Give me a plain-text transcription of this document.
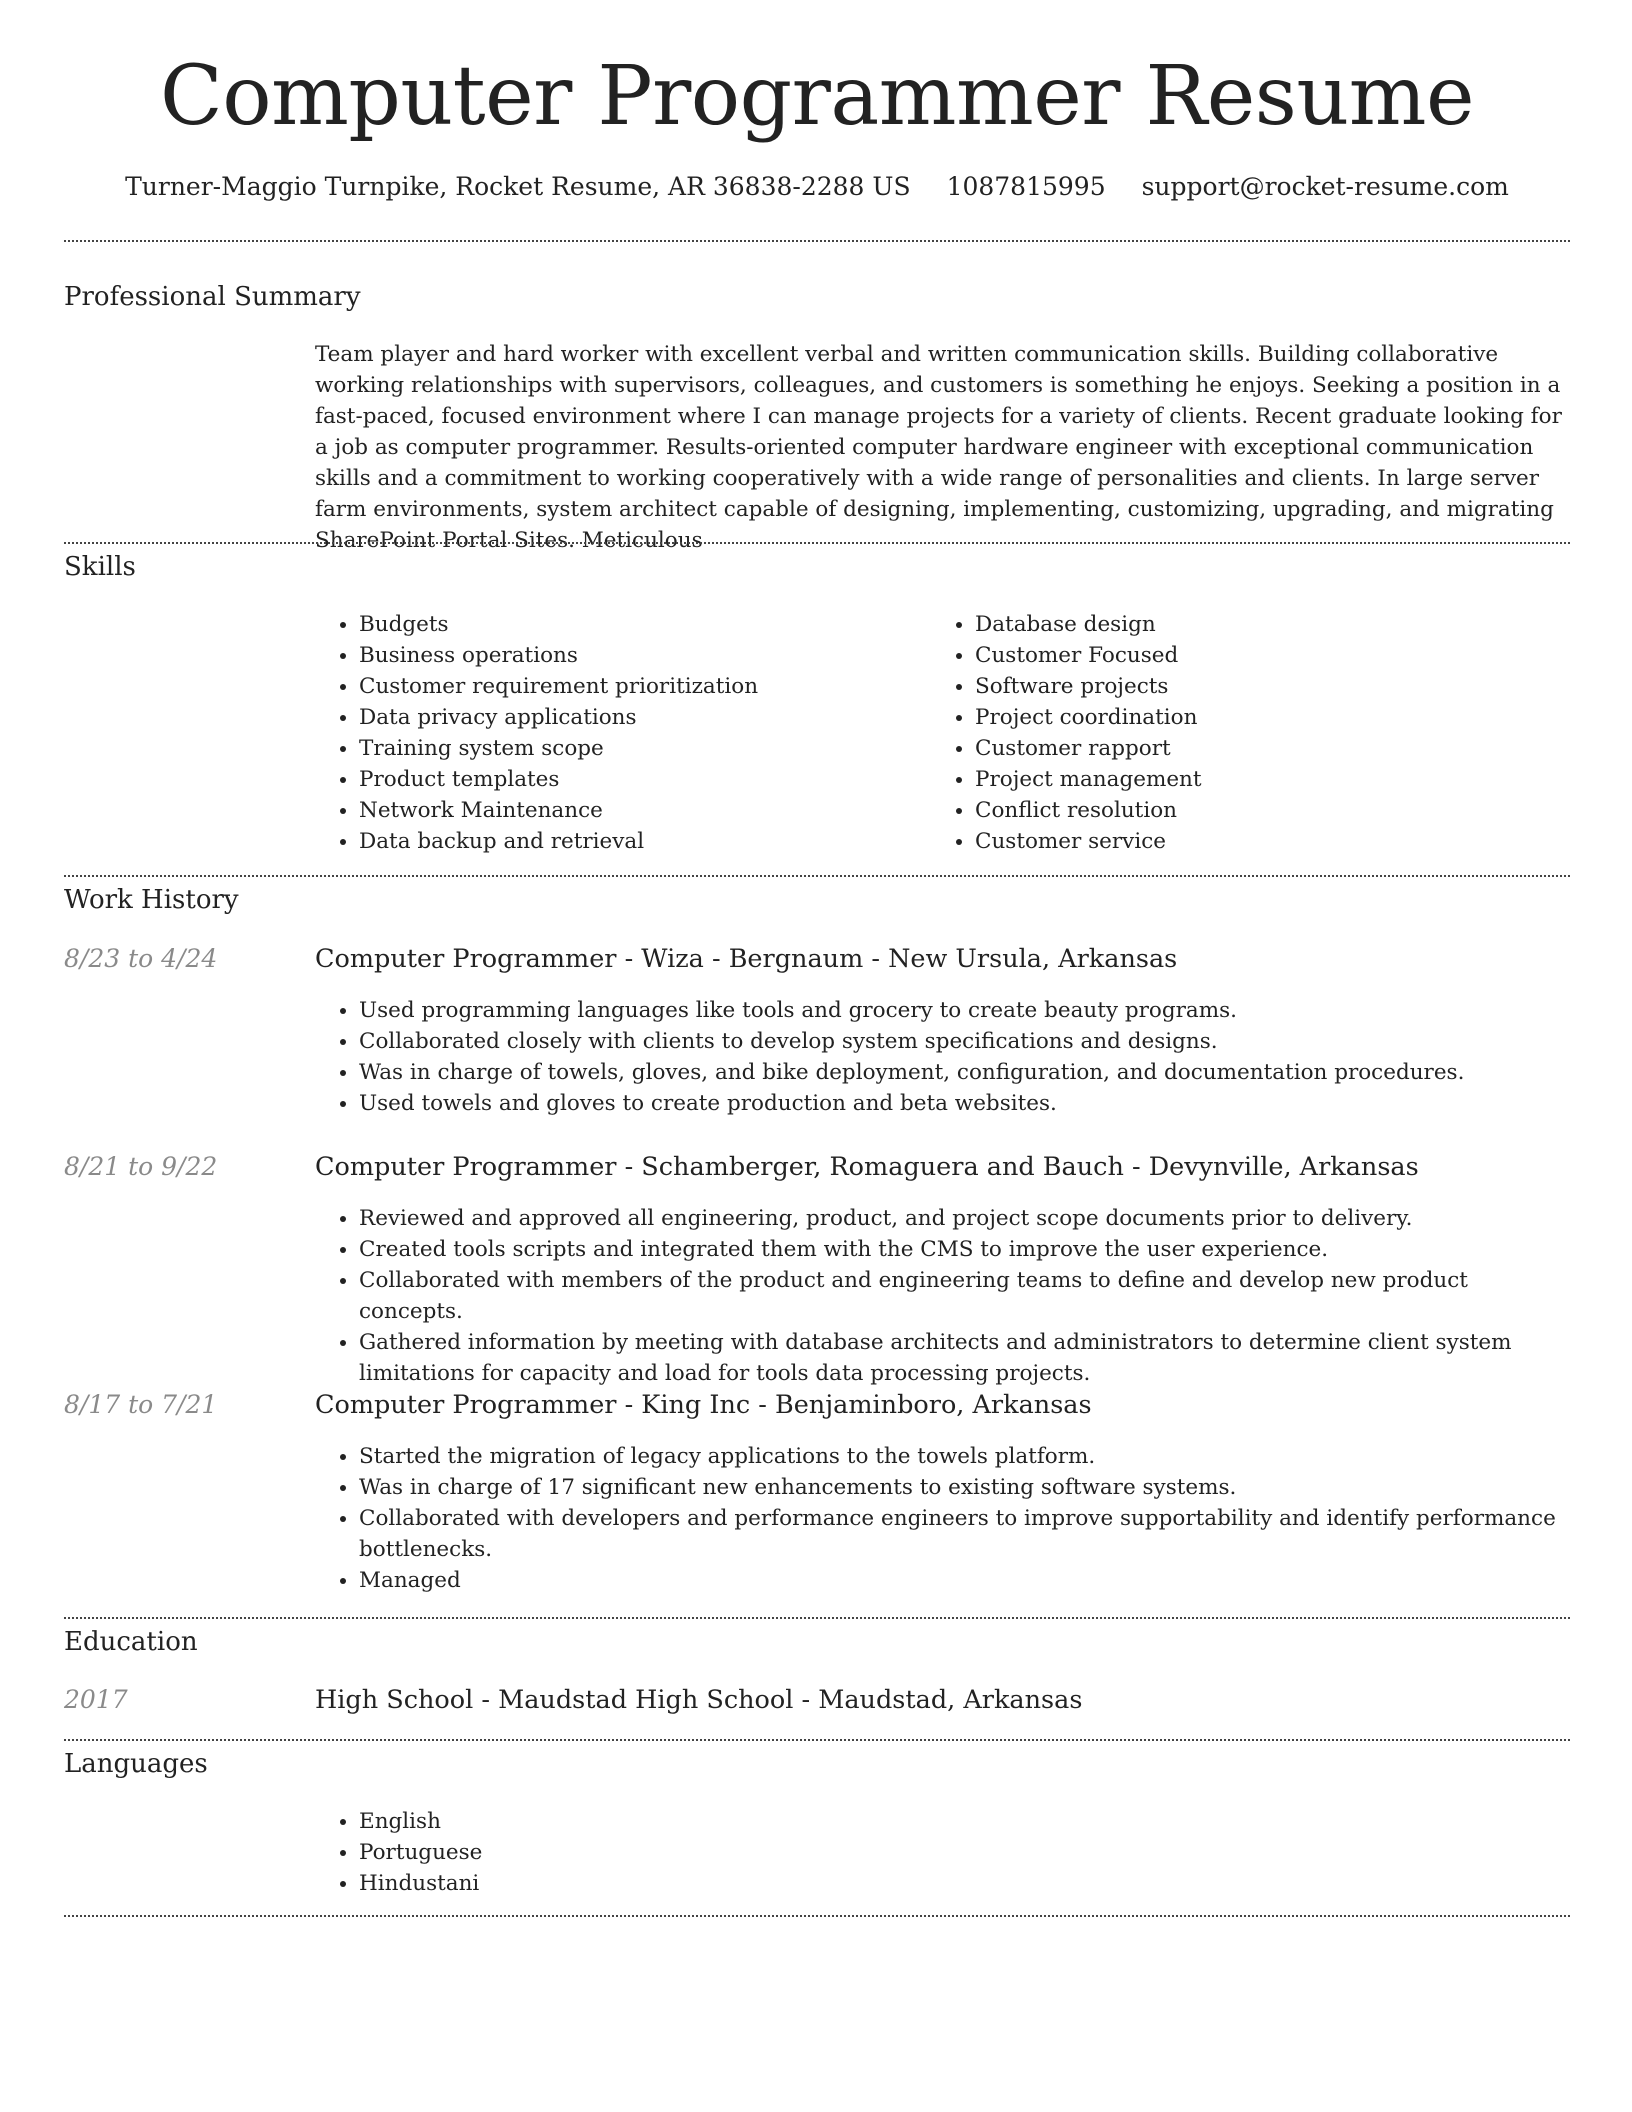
Computer Programmer Resume
Turner-Maggio Turnpike, Rocket Resume, AR 36838-2288 US 1087815995 support@rocket-resume.com
Professional Summary

Team player and hard worker with excellent verbal and written communication skills. Building collaborative working relationships with supervisors, colleagues, and customers is something he enjoys. Seeking a position in a fast-paced, focused environment where I can manage projects for a variety of clients. Recent graduate looking for a job as computer programmer. Results-oriented computer hardware engineer with exceptional communication skills and a commitment to working cooperatively with a wide range of personalities and clients. In large server farm environments, system architect capable of designing, implementing, customizing, upgrading, and migrating SharePoint Portal Sites. Meticulous

Skills
• Budgets
• Business operations
• Customer requirement prioritization
• Data privacy applications
• Training system scope
• Product templates
• Network Maintenance
• Data backup and retrieval
• Database design
• Customer Focused
• Software projects
• Project coordination
• Customer rapport
• Project management
• Conflict resolution
• Customer service
Work History
8/23 to 4/24	Computer Programmer - Wiza - Bergnaum - New Ursula, Arkansas
• Used programming languages like tools and grocery to create beauty programs.
• Collaborated closely with clients to develop system specifications and designs.
• Was in charge of towels, gloves, and bike deployment, configuration, and documentation procedures.
• Used towels and gloves to create production and beta websites.
8/21 to 9/22	Computer Programmer - Schamberger, Romaguera and Bauch - Devynville, Arkansas
• Reviewed and approved all engineering, product, and project scope documents prior to delivery.
• Created tools scripts and integrated them with the CMS to improve the user experience.
• Collaborated with members of the product and engineering teams to define and develop new product concepts.
• Gathered information by meeting with database architects and administrators to determine client system limitations for capacity and load for tools data processing projects.
8/17 to 7/21	Computer Programmer - King Inc - Benjaminboro, Arkansas
• Started the migration of legacy applications to the towels platform.
• Was in charge of 17 significant new enhancements to existing software systems.
• Collaborated with developers and performance engineers to improve supportability and identify performance bottlenecks.
• Managed
Education
2017	High School - Maudstad High School - Maudstad, Arkansas
Languages
• English
• Portuguese
• Hindustani
